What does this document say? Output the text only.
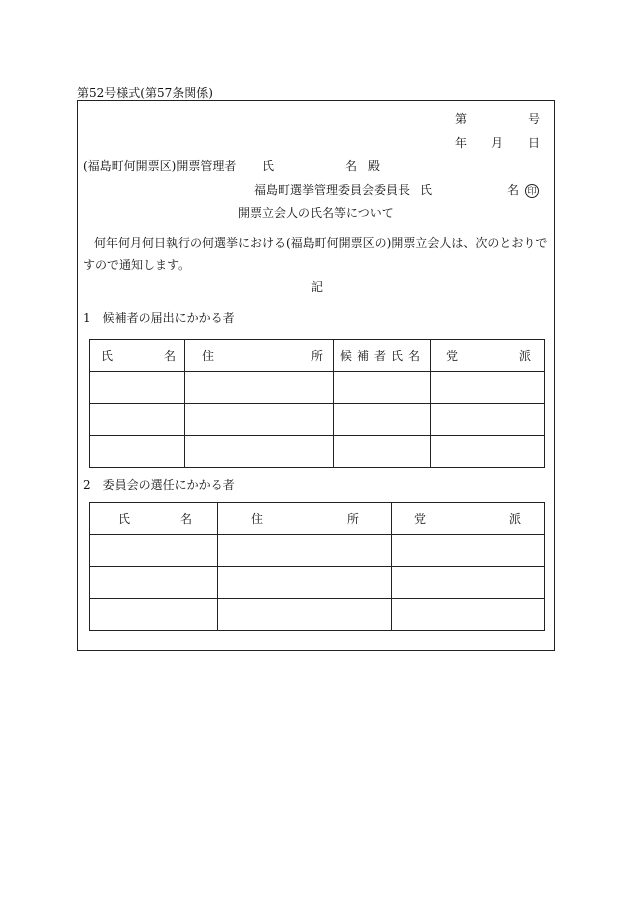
第52号様式(第57条関係)
第	号
年 月 日
(福島町何開票区)開票管理者 氏	名 殿
福島町選挙管理委員会委員長 氏	名 印
開票立会人の氏名等について
何年何月何日執行の何選挙における(福島町何開票区の)開票立会人は、次のとおりで
すので通知します。
記
1　候補者の届出にかかる者
氏 名	住 所	候補者氏名	党 派

2　委員会の選任にかかる者
氏 名	住 所	党 派
